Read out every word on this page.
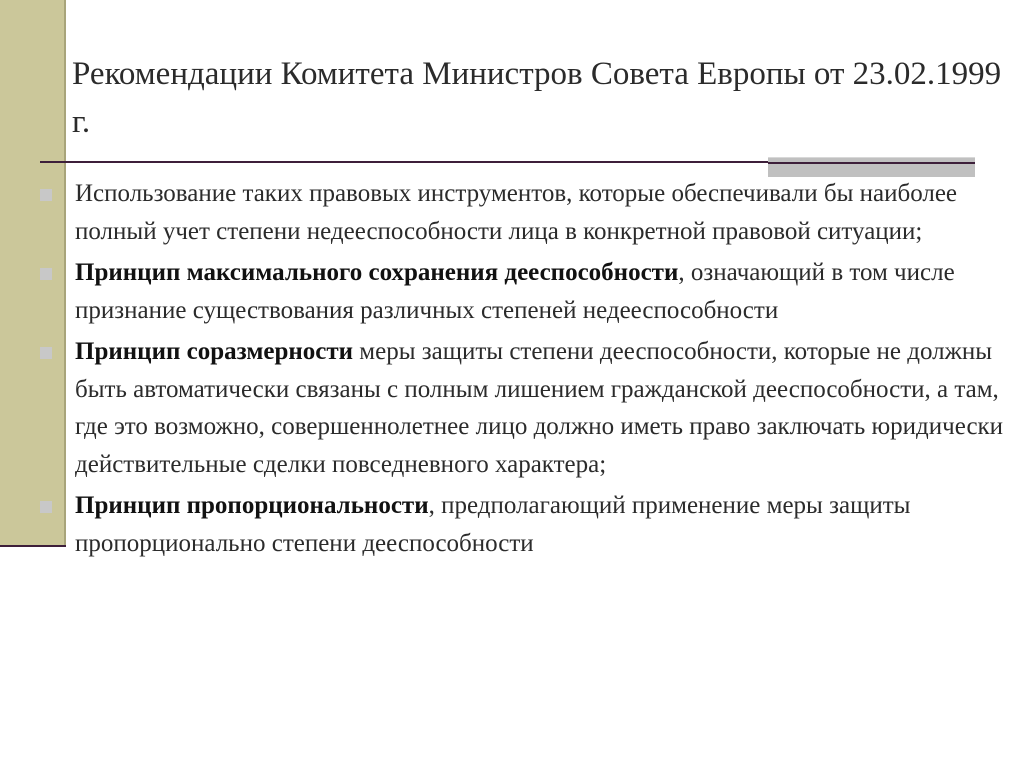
Рекомендации Комитета Министров Совета Европы от 23.02.1999 г.
Использование таких правовых инструментов, которые обеспечивали бы наиболее полный учет степени недееспособности лица в конкретной правовой ситуации;
Принцип максимального сохранения дееспособности, означающий в том числе признание существования различных степеней недееспособности
Принцип соразмерности меры защиты степени дееспособности, которые не должны быть автоматически связаны с полным лишением гражданской дееспособности, а там, где это возможно, совершеннолетнее лицо должно иметь право заключать юридически действительные сделки повседневного характера;
Принцип пропорциональности, предполагающий применение меры защиты пропорционально степени дееспособности
